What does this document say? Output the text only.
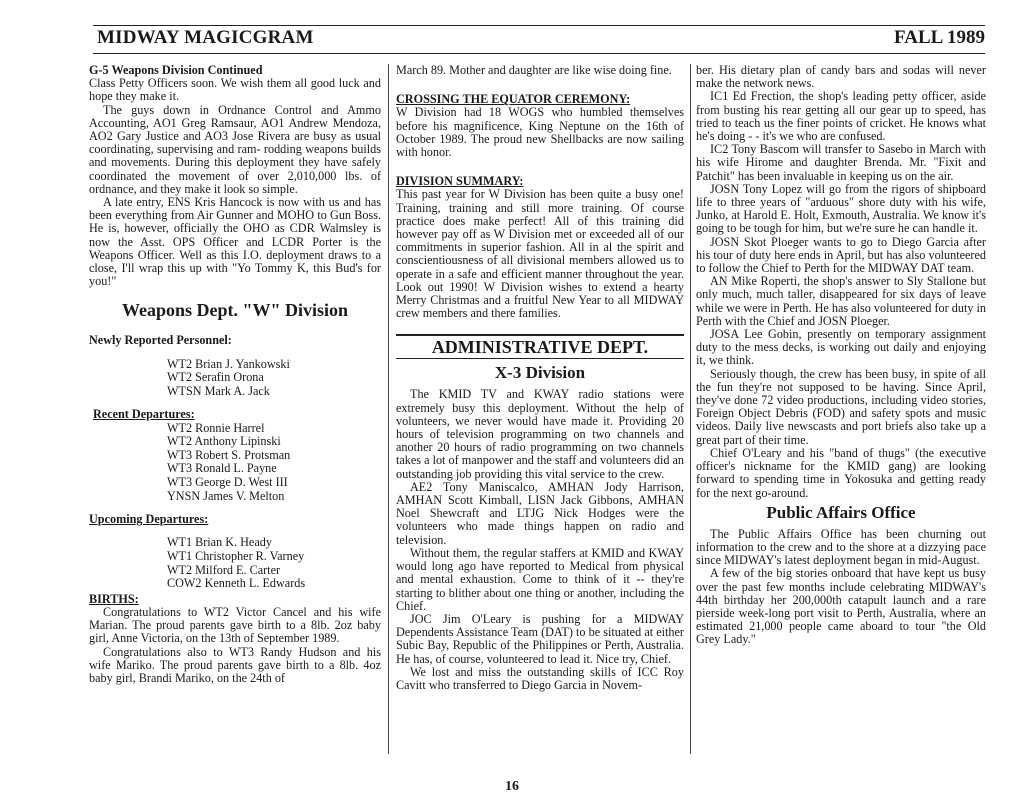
MIDWAY MAGICGRAM	FALL 1989

G-5 Weapons Division Continued

Class Petty Officers soon. We wish them all good luck and hope they make it.

The guys down in Ordnance Control and Ammo Accounting, AO1 Greg Ramsaur, AO1 Andrew Mendoza, AO2 Gary Justice and AO3 Jose Rivera are busy as usual coordinating, supervising and ram- rodding weapons builds and movements. During this deployment they have safely coordinated the movement of over 2,010,000 lbs. of ordnance, and they make it look so simple.

A late entry, ENS Kris Hancock is now with us and has been everything from Air Gunner and MOHO to Gun Boss. He is, however, officially the OHO as CDR Walmsley is now the Asst. OPS Officer and LCDR Porter is the Weapons Officer. Well as this I.O. deployment draws to a close, I'll wrap this up with "Yo Tommy K, this Bud's for you!"

Weapons Dept. "W" Division
Newly Reported Personnel:
WT2 Brian J. Yankowski
WT2 Serafin Orona
WTSN Mark A. Jack
Recent Departures:
WT2 Ronnie Harrel
WT2 Anthony Lipinski
WT3 Robert S. Protsman
WT3 Ronald L. Payne
WT3 George D. West III
YNSN James V. Melton
Upcoming Departures:
WT1 Brian K. Heady
WT1 Christopher R. Varney
WT2 Milford E. Carter
COW2 Kenneth L. Edwards
BIRTHS:

Congratulations to WT2 Victor Cancel and his wife Marian. The proud parents gave birth to a 8lb. 2oz baby girl, Anne Victoria, on the 13th of September 1989.

Congratulations also to WT3 Randy Hudson and his wife Mariko. The proud parents gave birth to a 8lb. 4oz baby girl, Brandi Mariko, on the 24th of

March 89. Mother and daughter are like wise doing fine.

CROSSING THE EQUATOR CEREMONY:

W Division had 18 WOGS who humbled themselves before his magnificence, King Neptune on the 16th of October 1989. The proud new Shellbacks are now sailing with honor.

DIVISION SUMMARY:

This past year for W Division has been quite a busy one! Training, training and still more training. Of course practice does make perfect! All of this training did however pay off as W Division met or exceeded all of our commitments in superior fashion. All in al the spirit and conscientiousness of all divisional members allowed us to operate in a safe and efficient manner throughout the year. Look out 1990! W Division wishes to extend a hearty Merry Christmas and a fruitful New Year to all MIDWAY crew members and there families.

ADMINISTRATIVE DEPT.
X-3 Division

The KMID TV and KWAY radio stations were extremely busy this deployment. Without the help of volunteers, we never would have made it. Providing 20 hours of television programming on two channels and another 20 hours of radio programming on two channels takes a lot of manpower and the staff and volunteers did an outstanding job providing this vital service to the crew.

AE2 Tony Maniscalco, AMHAN Jody Harrison, AMHAN Scott Kimball, LISN Jack Gibbons, AMHAN Noel Shewcraft and LTJG Nick Hodges were the volunteers who made things happen on radio and television.

Without them, the regular staffers at KMID and KWAY would long ago have reported to Medical from physical and mental exhaustion. Come to think of it -- they're starting to blither about one thing or another, including the Chief.

JOC Jim O'Leary is pushing for a MIDWAY Dependents Assistance Team (DAT) to be situated at either Subic Bay, Republic of the Philippines or Perth, Australia. He has, of course, volunteered to lead it. Nice try, Chief.

We lost and miss the outstanding skills of ICC Roy Cavitt who transferred to Diego Garcia in Novem-

ber. His dietary plan of candy bars and sodas will never make the network news.

IC1 Ed Frection, the shop's leading petty officer, aside from busting his rear getting all our gear up to speed, has tried to teach us the finer points of cricket. He knows what he's doing - - it's we who are confused.

IC2 Tony Bascom will transfer to Sasebo in March with his wife Hirome and daughter Brenda. Mr. "Fixit and Patchit" has been invaluable in keeping us on the air.

JOSN Tony Lopez will go from the rigors of shipboard life to three years of "arduous" shore duty with his wife, Junko, at Harold E. Holt, Exmouth, Australia. We know it's going to be tough for him, but we're sure he can handle it.

JOSN Skot Ploeger wants to go to Diego Garcia after his tour of duty here ends in April, but has also volunteered to follow the Chief to Perth for the MIDWAY DAT team.

AN Mike Roperti, the shop's answer to Sly Stallone but only much, much taller, disappeared for six days of leave while we were in Perth. He has also volunteered for duty in Perth with the Chief and JOSN Ploeger.

JOSA Lee Gobin, presently on temporary assignment duty to the mess decks, is working out daily and enjoying it, we think.

Seriously though, the crew has been busy, in spite of all the fun they're not supposed to be having. Since April, they've done 72 video productions, including video stories, Foreign Object Debris (FOD) and safety spots and music videos. Daily live newscasts and port briefs also take up a great part of their time.

Chief O'Leary and his "band of thugs" (the executive officer's nickname for the KMID gang) are looking forward to spending time in Yokosuka and getting ready for the next go-around.

Public Affairs Office

The Public Affairs Office has been churning out information to the crew and to the shore at a dizzying pace since MIDWAY's latest deployment began in mid-August.

A few of the big stories onboard that have kept us busy over the past few months include celebrating MIDWAY's 44th birthday her 200,000th catapult launch and a rare pierside week-long port visit to Perth, Australia, where an estimated 21,000 people came aboard to tour "the Old Grey Lady."

16
